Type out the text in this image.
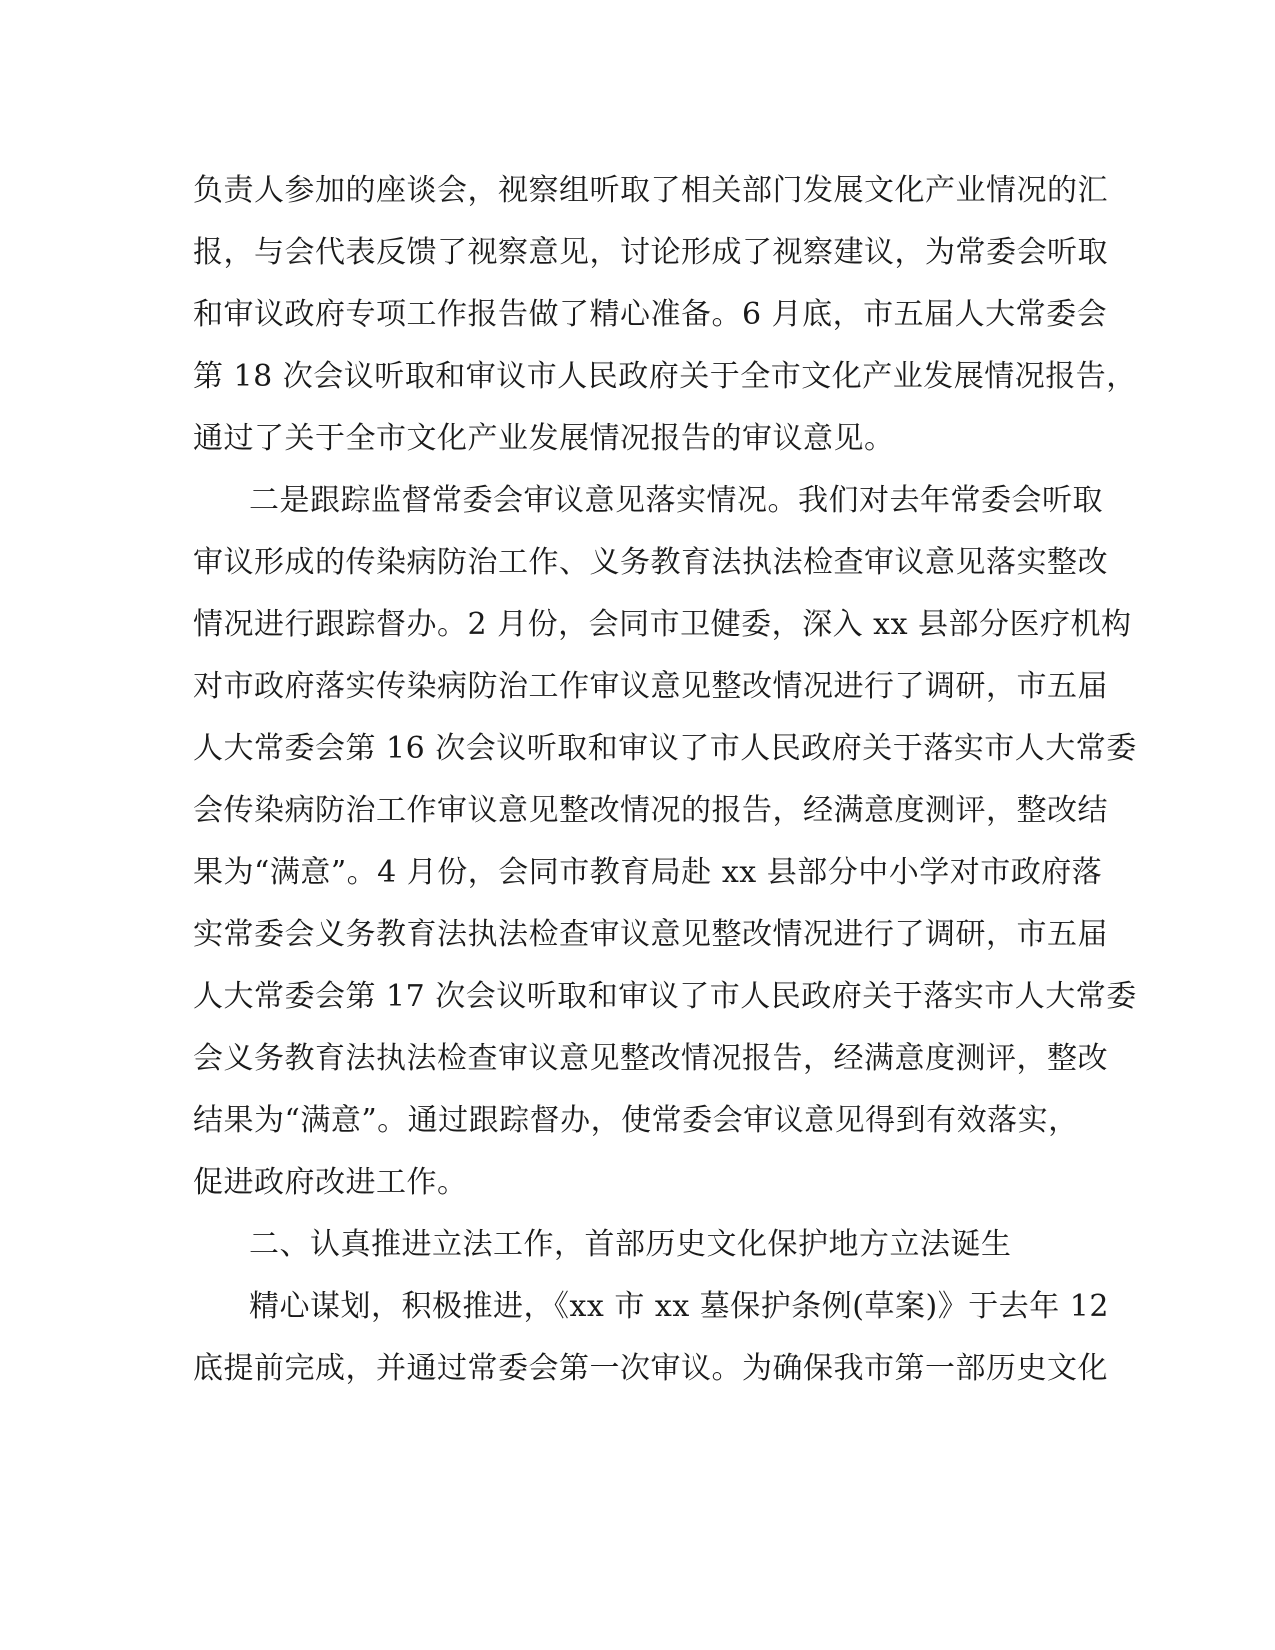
负责人参加的座谈会，视察组听取了相关部门发展文化产业情况的汇
报，与会代表反馈了视察意见，讨论形成了视察建议，为常委会听取
和审议政府专项工作报告做了精心准备。6 月底，市五届人大常委会
第 18 次会议听取和审议市人民政府关于全市文化产业发展情况报告，
通过了关于全市文化产业发展情况报告的审议意见。
二是跟踪监督常委会审议意见落实情况。我们对去年常委会听取
审议形成的传染病防治工作、义务教育法执法检查审议意见落实整改
情况进行跟踪督办。2 月份，会同市卫健委，深入 xx 县部分医疗机构
对市政府落实传染病防治工作审议意见整改情况进行了调研，市五届
人大常委会第 16 次会议听取和审议了市人民政府关于落实市人大常委
会传染病防治工作审议意见整改情况的报告，经满意度测评，整改结
果为“满意”。4 月份，会同市教育局赴 xx 县部分中小学对市政府落
实常委会义务教育法执法检查审议意见整改情况进行了调研，市五届
人大常委会第 17 次会议听取和审议了市人民政府关于落实市人大常委
会义务教育法执法检查审议意见整改情况报告，经满意度测评，整改
结果为“满意”。通过跟踪督办，使常委会审议意见得到有效落实，
促进政府改进工作。
二、认真推进立法工作，首部历史文化保护地方立法诞生
精心谋划，积极推进，《xx 市 xx 墓保护条例(草案)》于去年 12
底提前完成，并通过常委会第一次审议。为确保我市第一部历史文化
